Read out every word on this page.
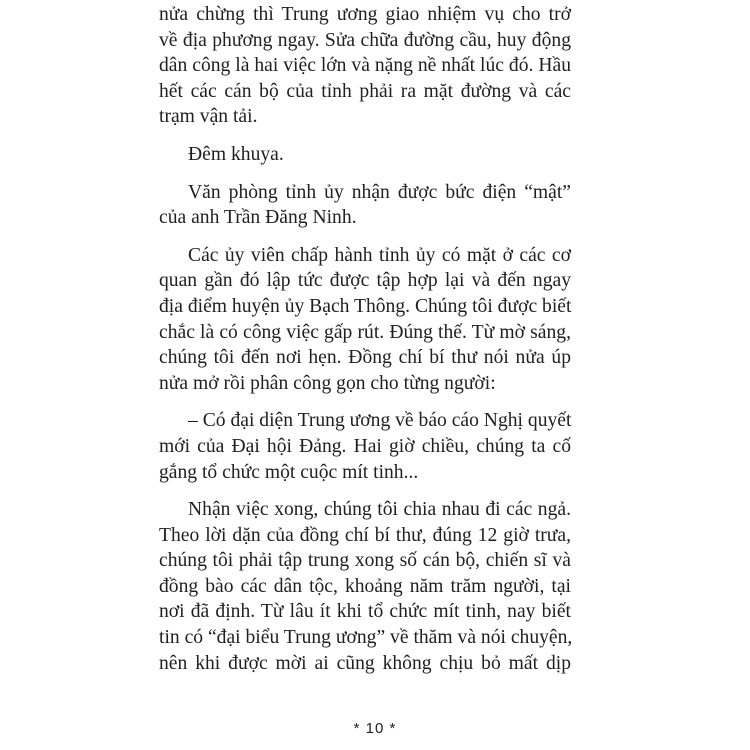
nửa chừng thì Trung ương giao nhiệm vụ cho trở
về địa phương ngay. Sửa chữa đường cầu, huy động
dân công là hai việc lớn và nặng nề nhất lúc đó. Hầu
hết các cán bộ của tỉnh phải ra mặt đường và các
trạm vận tải.

Đêm khuya.

Văn phòng tỉnh ủy nhận được bức điện “mật”
của anh Trần Đăng Ninh.

Các ủy viên chấp hành tỉnh ủy có mặt ở các cơ
quan gần đó lập tức được tập hợp lại và đến ngay
địa điểm huyện ủy Bạch Thông. Chúng tôi được biết
chắc là có công việc gấp rút. Đúng thế. Từ mờ sáng,
chúng tôi đến nơi hẹn. Đồng chí bí thư nói nửa úp
nửa mở rồi phân công gọn cho từng người:

– Có đại diện Trung ương về báo cáo Nghị quyết
mới của Đại hội Đảng. Hai giờ chiều, chúng ta cố
gắng tổ chức một cuộc mít tinh...

Nhận việc xong, chúng tôi chia nhau đi các ngả.
Theo lời dặn của đồng chí bí thư, đúng 12 giờ trưa,
chúng tôi phải tập trung xong số cán bộ, chiến sĩ và
đồng bào các dân tộc, khoảng năm trăm người, tại
nơi đã định. Từ lâu ít khi tổ chức mít tinh, nay biết
tin có “đại biểu Trung ương” về thăm và nói chuyện,
nên khi được mời ai cũng không chịu bỏ mất dịp

* 10 *
